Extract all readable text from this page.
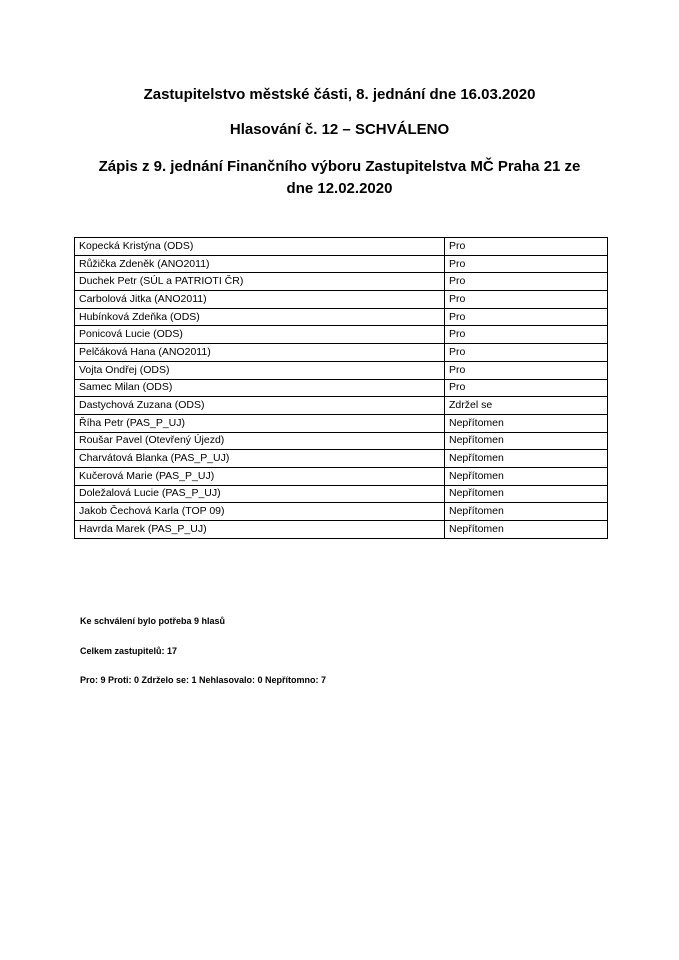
Zastupitelstvo městské části, 8. jednání dne 16.03.2020
Hlasování č. 12 – SCHVÁLENO
Zápis z 9. jednání Finančního výboru Zastupitelstva MČ Praha 21 ze
dne 12.02.2020
Kopecká Kristýna (ODS)	Pro
Růžička Zdeněk (ANO2011)	Pro
Duchek Petr (SÚL a PATRIOTI ČR)	Pro
Carbolová Jitka (ANO2011)	Pro
Hubínková Zdeňka (ODS)	Pro
Ponicová Lucie (ODS)	Pro
Pelčáková Hana (ANO2011)	Pro
Vojta Ondřej (ODS)	Pro
Samec Milan (ODS)	Pro
Dastychová Zuzana (ODS)	Zdržel se
Říha Petr (PAS_P_UJ)	Nepřítomen
Roušar Pavel (Otevřený Újezd)	Nepřítomen
Charvátová Blanka (PAS_P_UJ)	Nepřítomen
Kučerová Marie (PAS_P_UJ)	Nepřítomen
Doležalová Lucie (PAS_P_UJ)	Nepřítomen
Jakob Čechová Karla (TOP 09)	Nepřítomen
Havrda Marek (PAS_P_UJ)	Nepřítomen
Ke schválení bylo potřeba 9 hlasů
Celkem zastupitelů: 17
Pro: 9 Proti: 0 Zdrželo se: 1 Nehlasovalo: 0 Nepřítomno: 7
